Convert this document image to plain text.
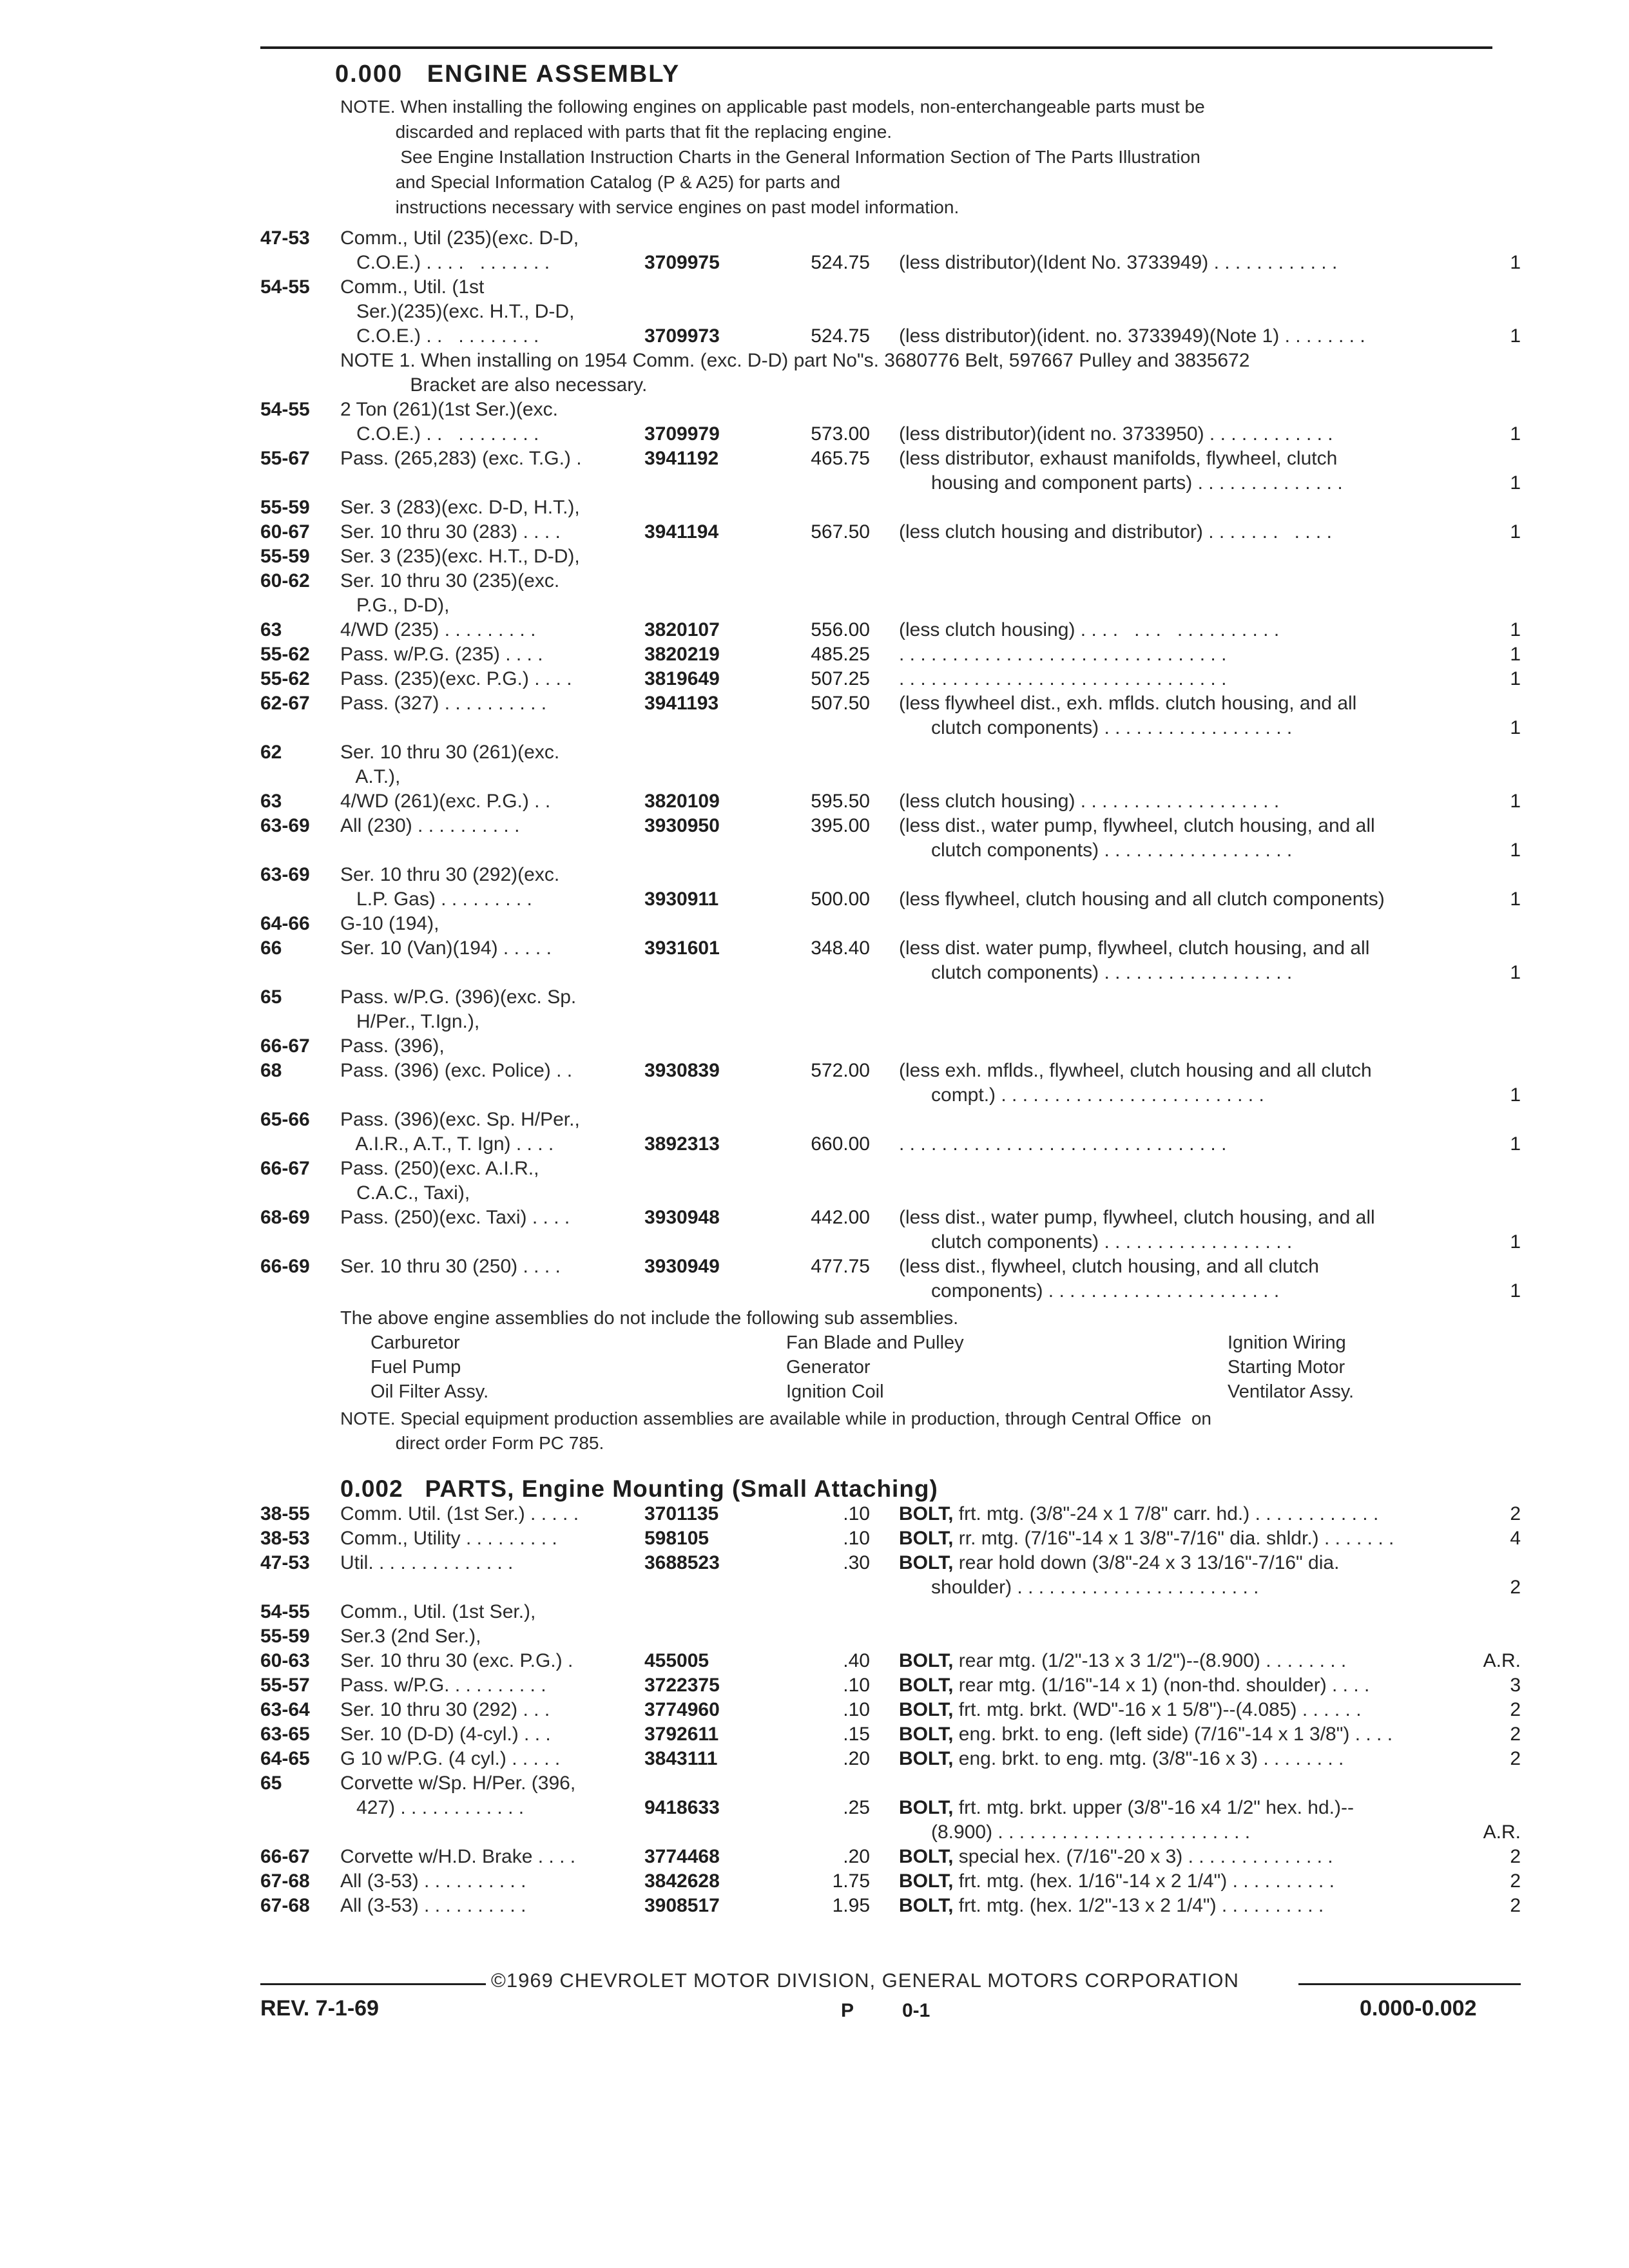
0.000 ENGINE ASSEMBLY
NOTE. When installing the following engines on applicable past models, non-enterchangeable parts must be
discarded and replaced with parts that fit the replacing engine.
See Engine Installation Instruction Charts in the General Information Section of The Parts Illustration
and Special Information Catalog (P & A25) for parts and
instructions necessary with service engines on past model information.
47-53 Comm., Util (235)(exc. D-D,
C.O.E.) . . . .   . . . . . . .	3709975	524.75 (less distributor)(Ident No. 3733949) . . . . . . . . . . . .	1
54-55 Comm., Util. (1st
Ser.)(235)(exc. H.T., D-D,
C.O.E.) . .   . . . . . . . .	3709973	524.75 (less distributor)(ident. no. 3733949)(Note 1) . . . . . . . .	1
NOTE 1. When installing on 1954 Comm. (exc. D-D) part No"s. 3680776 Belt, 597667 Pulley and 3835672
Bracket are also necessary.
54-55 2 Ton (261)(1st Ser.)(exc.
C.O.E.) . .   . . . . . . . .	3709979	573.00 (less distributor)(ident no. 3733950) . . . . . . . . . . . .	1
55-67 Pass. (265,283) (exc. T.G.) .	3941192	465.75 (less distributor, exhaust manifolds, flywheel, clutch
housing and component parts) . . . . . . . . . . . . . .	1
55-59 Ser. 3 (283)(exc. D-D, H.T.),
60-67 Ser. 10 thru 30 (283) . . . .	3941194	567.50 (less clutch housing and distributor) . . . . . . .   . . . .	1
55-59 Ser. 3 (235)(exc. H.T., D-D),
60-62 Ser. 10 thru 30 (235)(exc.
P.G., D-D),
63	4/WD (235) . . . . . . . . .	3820107	556.00 (less clutch housing) . . . .   . . .   . . . . . . . . . .	1
55-62 Pass. w/P.G. (235) . . . .	3820219	485.25 . . . . . . . . . . . . . . . . . . . . . . . . . . . . . . .	1
55-62 Pass. (235)(exc. P.G.) . . . .	3819649	507.25 . . . . . . . . . . . . . . . . . . . . . . . . . . . . . . .	1
62-67 Pass. (327) . . . . . . . . . .	3941193	507.50 (less flywheel dist., exh. mflds. clutch housing, and all
clutch components) . . . . . . . . . . . . . . . . . .	1
62	Ser. 10 thru 30 (261)(exc.
A.T.),
63	4/WD (261)(exc. P.G.) . .	3820109	595.50 (less clutch housing) . . . . . . . . . . . . . . . . . . .	1
63-69 All (230) . . . . . . . . . .	3930950	395.00 (less dist., water pump, flywheel, clutch housing, and all
clutch components) . . . . . . . . . . . . . . . . . .	1
63-69 Ser. 10 thru 30 (292)(exc.
L.P. Gas) . . . . . . . . .	3930911	500.00 (less flywheel, clutch housing and all clutch components)	1
64-66 G-10 (194),
66	Ser. 10 (Van)(194) . . . . .	3931601	348.40 (less dist. water pump, flywheel, clutch housing, and all
clutch components) . . . . . . . . . . . . . . . . . .	1
65	Pass. w/P.G. (396)(exc. Sp.
H/Per., T.Ign.),
66-67 Pass. (396),
68	Pass. (396) (exc. Police) . .	3930839	572.00 (less exh. mflds., flywheel, clutch housing and all clutch
compt.) . . . . . . . . . . . . . . . . . . . . . . . . .	1
65-66 Pass. (396)(exc. Sp. H/Per.,
A.I.R., A.T., T. Ign) . . . .	3892313	660.00 . . . . . . . . . . . . . . . . . . . . . . . . . . . . . . .	1
66-67 Pass. (250)(exc. A.I.R.,
C.A.C., Taxi),
68-69 Pass. (250)(exc. Taxi) . . . .	3930948	442.00 (less dist., water pump, flywheel, clutch housing, and all
clutch components) . . . . . . . . . . . . . . . . . .	1
66-69 Ser. 10 thru 30 (250) . . . .	3930949	477.75 (less dist., flywheel, clutch housing, and all clutch
components) . . . . . . . . . . . . . . . . . . . . . .	1
The above engine assemblies do not include the following sub assemblies.
Carburetor	Fan Blade and Pulley	Ignition Wiring
Fuel Pump	Generator	Starting Motor
Oil Filter Assy.	Ignition Coil	Ventilator Assy.
NOTE. Special equipment production assemblies are available while in production, through Central Office  on
direct order Form PC 785.
0.002 PARTS, Engine Mounting (Small Attaching)
38-55 Comm. Util. (1st Ser.) . . . . .	3701135	.10 BOLT, frt. mtg. (3/8"-24 x 1 7/8" carr. hd.) . . . . . . . . . . . .	2
38-53 Comm., Utility . . . . . . . . .	598105	.10 BOLT, rr. mtg. (7/16"-14 x 1 3/8"-7/16" dia. shldr.) . . . . . . .	4
47-53 Util. . . . . . . . . . . . . .	3688523	.30 BOLT, rear hold down (3/8"-24 x 3 13/16"-7/16" dia.
shoulder) . . . . . . . . . . . . . . . . . . . . . . .	2
54-55 Comm., Util. (1st Ser.),
55-59 Ser.3 (2nd Ser.),
60-63 Ser. 10 thru 30 (exc. P.G.) .	455005	.40 BOLT, rear mtg. (1/2"-13 x 3 1/2")--(8.900) . . . . . . . .	A.R.
55-57 Pass. w/P.G. . . . . . . . . .	3722375	.10 BOLT, rear mtg. (1/16"-14 x 1) (non-thd. shoulder) . . . .	3
63-64 Ser. 10 thru 30 (292) . . .	3774960	.10 BOLT, frt. mtg. brkt. (WD"-16 x 1 5/8")--(4.085) . . . . . .	2
63-65 Ser. 10 (D-D) (4-cyl.) . . .	3792611	.15 BOLT, eng. brkt. to eng. (left side) (7/16"-14 x 1 3/8") . . . .	2
64-65 G 10 w/P.G. (4 cyl.) . . . . .	3843111	.20 BOLT, eng. brkt. to eng. mtg. (3/8"-16 x 3) . . . . . . . .	2
65	Corvette w/Sp. H/Per. (396,
427) . . . . . . . . . . . .	9418633	.25 BOLT, frt. mtg. brkt. upper (3/8"-16 x4 1/2" hex. hd.)--
(8.900) . . . . . . . . . . . . . . . . . . . . . . . .	A.R.
66-67 Corvette w/H.D. Brake . . . .	3774468	.20 BOLT, special hex. (7/16"-20 x 3) . . . . . . . . . . . . . .	2
67-68 All (3-53) . . . . . . . . . .	3842628	1.75 BOLT, frt. mtg. (hex. 1/16"-14 x 2 1/4") . . . . . . . . . .	2
67-68 All (3-53) . . . . . . . . . .	3908517	1.95 BOLT, frt. mtg. (hex. 1/2"-13 x 2 1/4") . . . . . . . . . .	2
©1969 CHEVROLET MOTOR DIVISION, GENERAL MOTORS CORPORATION
REV. 7-1-69	P 0-1	0.000-0.002
